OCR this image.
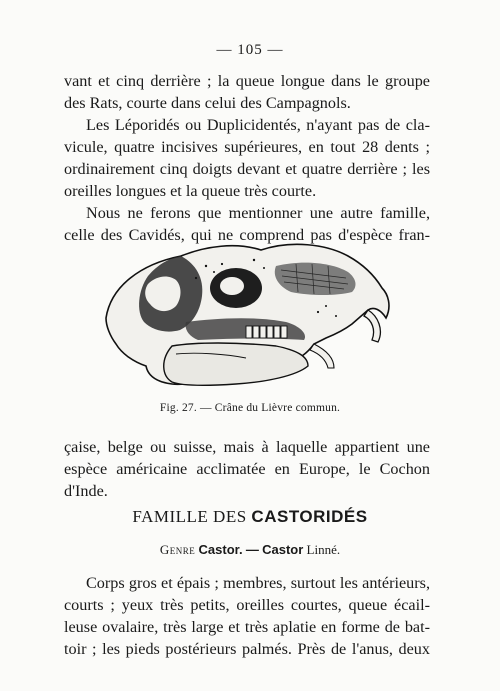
— 105 —
vant et cinq derrière ; la queue longue dans le groupe
des Rats, courte dans celui des Campagnols.
Les Léporidés ou Duplicidentés, n'ayant pas de cla-
vicule, quatre incisives supérieures, en tout 28 dents ;
ordinairement cinq doigts devant et quatre derrière ; les
oreilles longues et la queue très courte.
Nous ne ferons que mentionner une autre famille,
celle des Cavidés, qui ne comprend pas d'espèce fran-
Fig. 27. — Crâne du Lièvre commun.
çaise, belge ou suisse, mais à laquelle appartient une
espèce américaine acclimatée en Europe, le Cochon
d'Inde.
FAMILLE DES CASTORIDÉS
Genre Castor. — Castor Linné.
Corps gros et épais ; membres, surtout les antérieurs,
courts ; yeux très petits, oreilles courtes, queue écail-
leuse ovalaire, très large et très aplatie en forme de bat-
toir ; les pieds postérieurs palmés. Près de l'anus, deux
